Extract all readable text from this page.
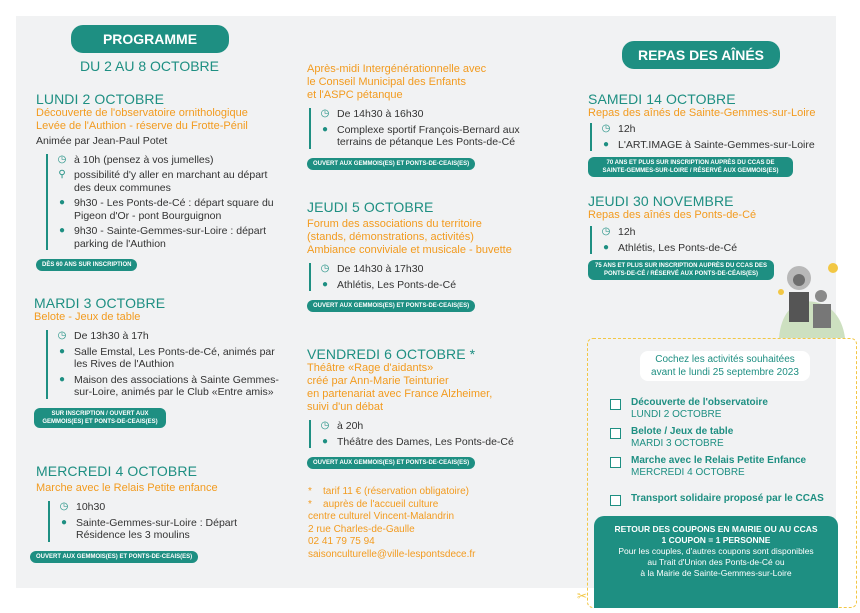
PROGRAMME
DU 2 AU 8 OCTOBRE
LUNDI 2 OCTOBRE
Découverte de l'observatoire ornithologique
Levée de l'Authion - réserve du Frotte-Pénil
Animée par Jean-Paul Potet
◷ à 10h (pensez à vos jumelles)
⚲ possibilité d'y aller en marchant au départ des deux communes
● 9h30 - Les Ponts-de-Cé : départ square du Pigeon d'Or - pont Bourguignon
● 9h30 - Sainte-Gemmes-sur-Loire : départ parking de l'Authion
DÈS 60 ANS SUR INSCRIPTION
MARDI 3 OCTOBRE
Belote - Jeux de table
◷ De 13h30 à 17h
● Salle Emstal, Les Ponts-de-Cé, animés par les Rives de l'Authion
● Maison des associations à Sainte Gemmes-sur-Loire, animés par le Club «Entre amis»
SUR INSCRIPTION / OUVERT AUX GEMMOIS(ES) ET PONTS-DE-CEAIS(ES)
MERCREDI 4 OCTOBRE
Marche avec le Relais Petite enfance
◷ 10h30
● Sainte-Gemmes-sur-Loire : Départ Résidence les 3 moulins
OUVERT AUX GEMMOIS(ES) ET PONTS-DE-CEAIS(ES)
Après-midi Intergénérationnelle avec
le Conseil Municipal des Enfants
et l'ASPC pétanque
◷ De 14h30 à 16h30
● Complexe sportif François-Bernard aux terrains de pétanque Les Ponts-de-Cé
OUVERT AUX GEMMOIS(ES) ET PONTS-DE-CEAIS(ES)
JEUDI 5 OCTOBRE
Forum des associations du territoire
(stands, démonstrations, activités)
Ambiance conviviale et musicale - buvette
◷ De 14h30 à 17h30
● Athlétis, Les Ponts-de-Cé
OUVERT AUX GEMMOIS(ES) ET PONTS-DE-CEAIS(ES)
VENDREDI 6 OCTOBRE *
Théâtre «Rage d'aidants»
créé par Ann-Marie Teinturier
en partenariat avec France Alzheimer,
suivi d'un débat
◷ à 20h
● Théâtre des Dames, Les Ponts-de-Cé
OUVERT AUX GEMMOIS(ES) ET PONTS-DE-CEAIS(ES)
*    tarif 11 € (réservation obligatoire)
*    auprès de l'accueil culture
centre culturel Vincent-Malandrin
2 rue Charles-de-Gaulle
02 41 79 75 94
saisonculturelle@ville-lespontsdece.fr
REPAS DES AÎNÉS
SAMEDI 14 OCTOBRE
Repas des aînés de Sainte-Gemmes-sur-Loire
◷ 12h
● L'ART.IMAGE à Sainte-Gemmes-sur-Loire
70 ANS ET PLUS SUR INSCRIPTION AUPRÈS DU CCAS DE SAINTE-GEMMES-SUR-LOIRE / RÉSERVÉ AUX GEMMOIS(ES)
JEUDI 30 NOVEMBRE
Repas des aînés des Ponts-de-Cé
◷ 12h
● Athlétis, Les Ponts-de-Cé
75 ANS ET PLUS SUR INSCRIPTION AUPRÈS DU CCAS DES PONTS-DE-CÉ / RÉSERVÉ AUX PONTS-DE-CÉAIS(ES)
✂
Cochez les activités souhaitées
avant le lundi 25 septembre 2023
Découverte de l'observatoire
LUNDI 2 OCTOBRE
Belote / Jeux de table
MARDI 3 OCTOBRE
Marche avec le Relais Petite Enfance
MERCREDI 4 OCTOBRE
Transport solidaire proposé par le CCAS
RETOUR DES COUPONS EN MAIRIE OU AU CCAS
1 COUPON = 1 PERSONNE
Pour les couples, d'autres coupons sont disponibles
au Trait d'Union des Ponts-de-Cé ou
à la Mairie de Sainte-Gemmes-sur-Loire
